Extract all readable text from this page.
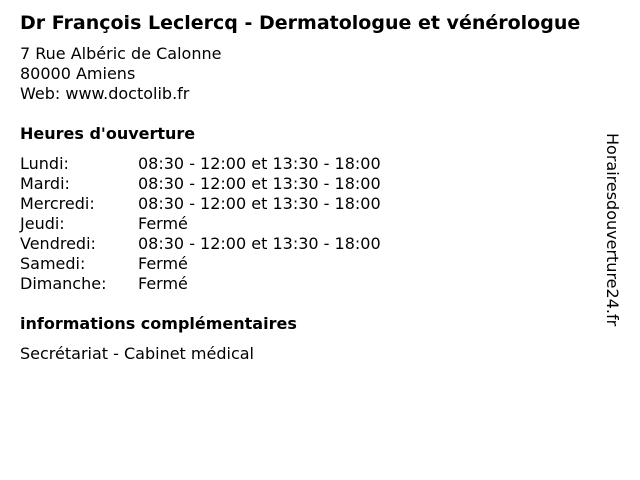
Dr François Leclercq - Dermatologue et vénérologue
7 Rue Albéric de Calonne
80000 Amiens
Web: www.doctolib.fr
Heures d'ouverture
Lundi:	08:30 - 12:00 et 13:30 - 18:00
Mardi:	08:30 - 12:00 et 13:30 - 18:00
Mercredi:	08:30 - 12:00 et 13:30 - 18:00
Jeudi:	Fermé
Vendredi:	08:30 - 12:00 et 13:30 - 18:00
Samedi:	Fermé
Dimanche: Fermé
informations complémentaires
Secrétariat - Cabinet médical
Horairesdouverture24.fr
